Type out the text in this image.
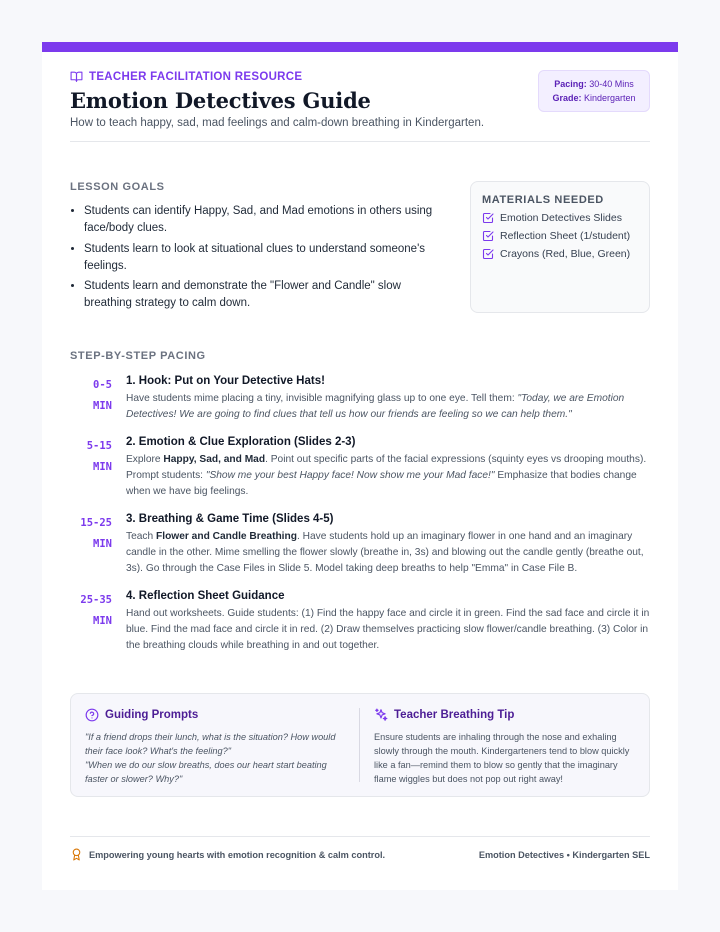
TEACHER FACILITATION RESOURCE
Emotion Detectives Guide
How to teach happy, sad, mad feelings and calm-down breathing in Kindergarten.
Pacing: 30-40 Mins
Grade: Kindergarten
LESSON GOALS
• Students can identify Happy, Sad, and Mad emotions in others using face/body clues.
• Students learn to look at situational clues to understand someone's feelings.
• Students learn and demonstrate the "Flower and Candle" slow breathing strategy to calm down.
MATERIALS NEEDED
Emotion Detectives Slides
Reflection Sheet (1/student)
Crayons (Red, Blue, Green)
STEP-BY-STEP PACING
0-5
MIN
1. Hook: Put on Your Detective Hats!
Have students mime placing a tiny, invisible magnifying glass up to one eye. Tell them: "Today, we are Emotion Detectives! We are going to find clues that tell us how our friends are feeling so we can help them."
5-15
MIN
2. Emotion & Clue Exploration (Slides 2-3)
Explore Happy, Sad, and Mad. Point out specific parts of the facial expressions (squinty eyes vs drooping mouths). Prompt students: "Show me your best Happy face! Now show me your Mad face!" Emphasize that bodies change when we have big feelings.
15-25
MIN
3. Breathing & Game Time (Slides 4-5)
Teach Flower and Candle Breathing. Have students hold up an imaginary flower in one hand and an imaginary candle in the other. Mime smelling the flower slowly (breathe in, 3s) and blowing out the candle gently (breathe out, 3s). Go through the Case Files in Slide 5. Model taking deep breaths to help "Emma" in Case File B.
25-35
MIN
4. Reflection Sheet Guidance
Hand out worksheets. Guide students: (1) Find the happy face and circle it in green. Find the sad face and circle it in blue. Find the mad face and circle it in red. (2) Draw themselves practicing slow flower/candle breathing. (3) Color in the breathing clouds while breathing in and out together.
Guiding Prompts
"If a friend drops their lunch, what is the situation? How would their face look? What's the feeling?"
"When we do our slow breaths, does our heart start beating faster or slower? Why?"
Teacher Breathing Tip
Ensure students are inhaling through the nose and exhaling slowly through the mouth. Kindergarteners tend to blow quickly like a fan—remind them to blow so gently that the imaginary flame wiggles but does not pop out right away!
Empowering young hearts with emotion recognition & calm control.	Emotion Detectives • Kindergarten SEL
